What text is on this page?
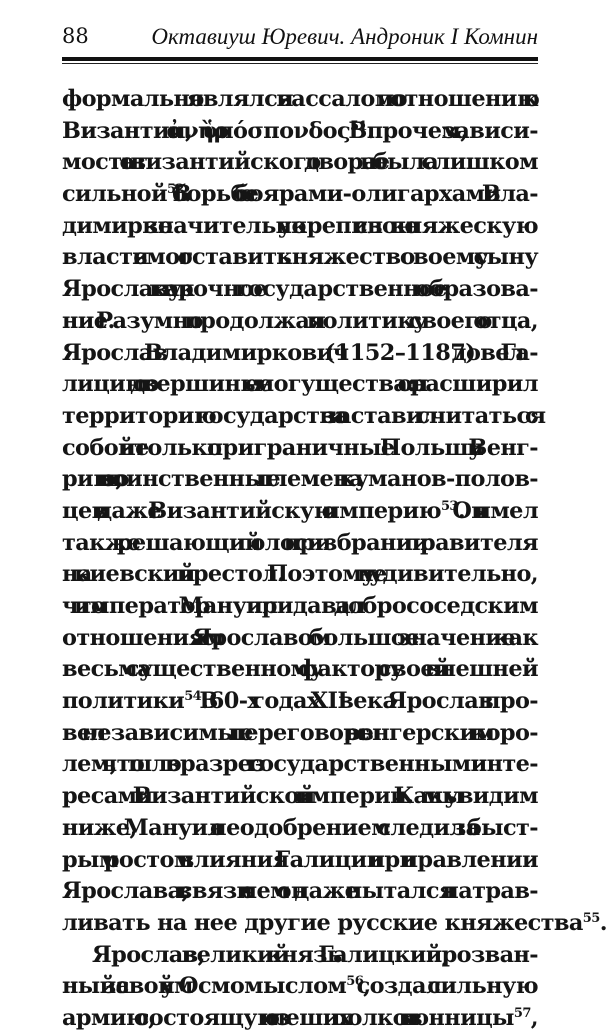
88	Октавиуш Юревич. Андроник I Комнин
формально являлся вассалом по отношению к
Византии, ἀνὴρ ὑπόσπονδος$^{51}$. Впрочем, зависи-
мость от византийского двора не была слишком
сильной$^{52}$. В борьбе с боярами-олигархами Вла-
димирко значительно укрепил свою княжескую
власть и смог оставить княжество своему сыну
Ярославу как прочное государственное образова-
ние. Разумно продолжая политику своего отца,
Ярослав Владимиркович (1152–1187) довел Га-
лицию до вершины ее могущества: он расширил
территорию государства и заставил считаться с
собой не только приграничные Польшу и Венг-
рию, но и воинственные племена куманов-полов-
цев и даже Византийскую империю$^{53}$. Он имел
также решающий голос при избрании правителя
на киевский престол. Поэтому не удивительно,
что император Мануил придавал добрососедским
отношениям с Ярославом большое значение как
весьма существенному фактору своей внешней
политики$^{54}$. В 60-х годах XII века Ярослав про-
вел независимые переговоры с венгерским коро-
лем, что шло вразрез с государственными инте-
ресами Византийской империи. Как мы увидим
ниже, Мануил с неодобрением следил за быст-
рым ростом влияния Галиции при правлении
Ярослава, в связи с чем он даже пытался натрав-
ливать на нее другие русские княжества$^{55}$.
Ярослав, великий князь Галицкий, прозван-
ный за свой ум Осмомыслом$^{56}$, создал сильную
армию, состоящую из пеших полков и конницы$^{57}$,
